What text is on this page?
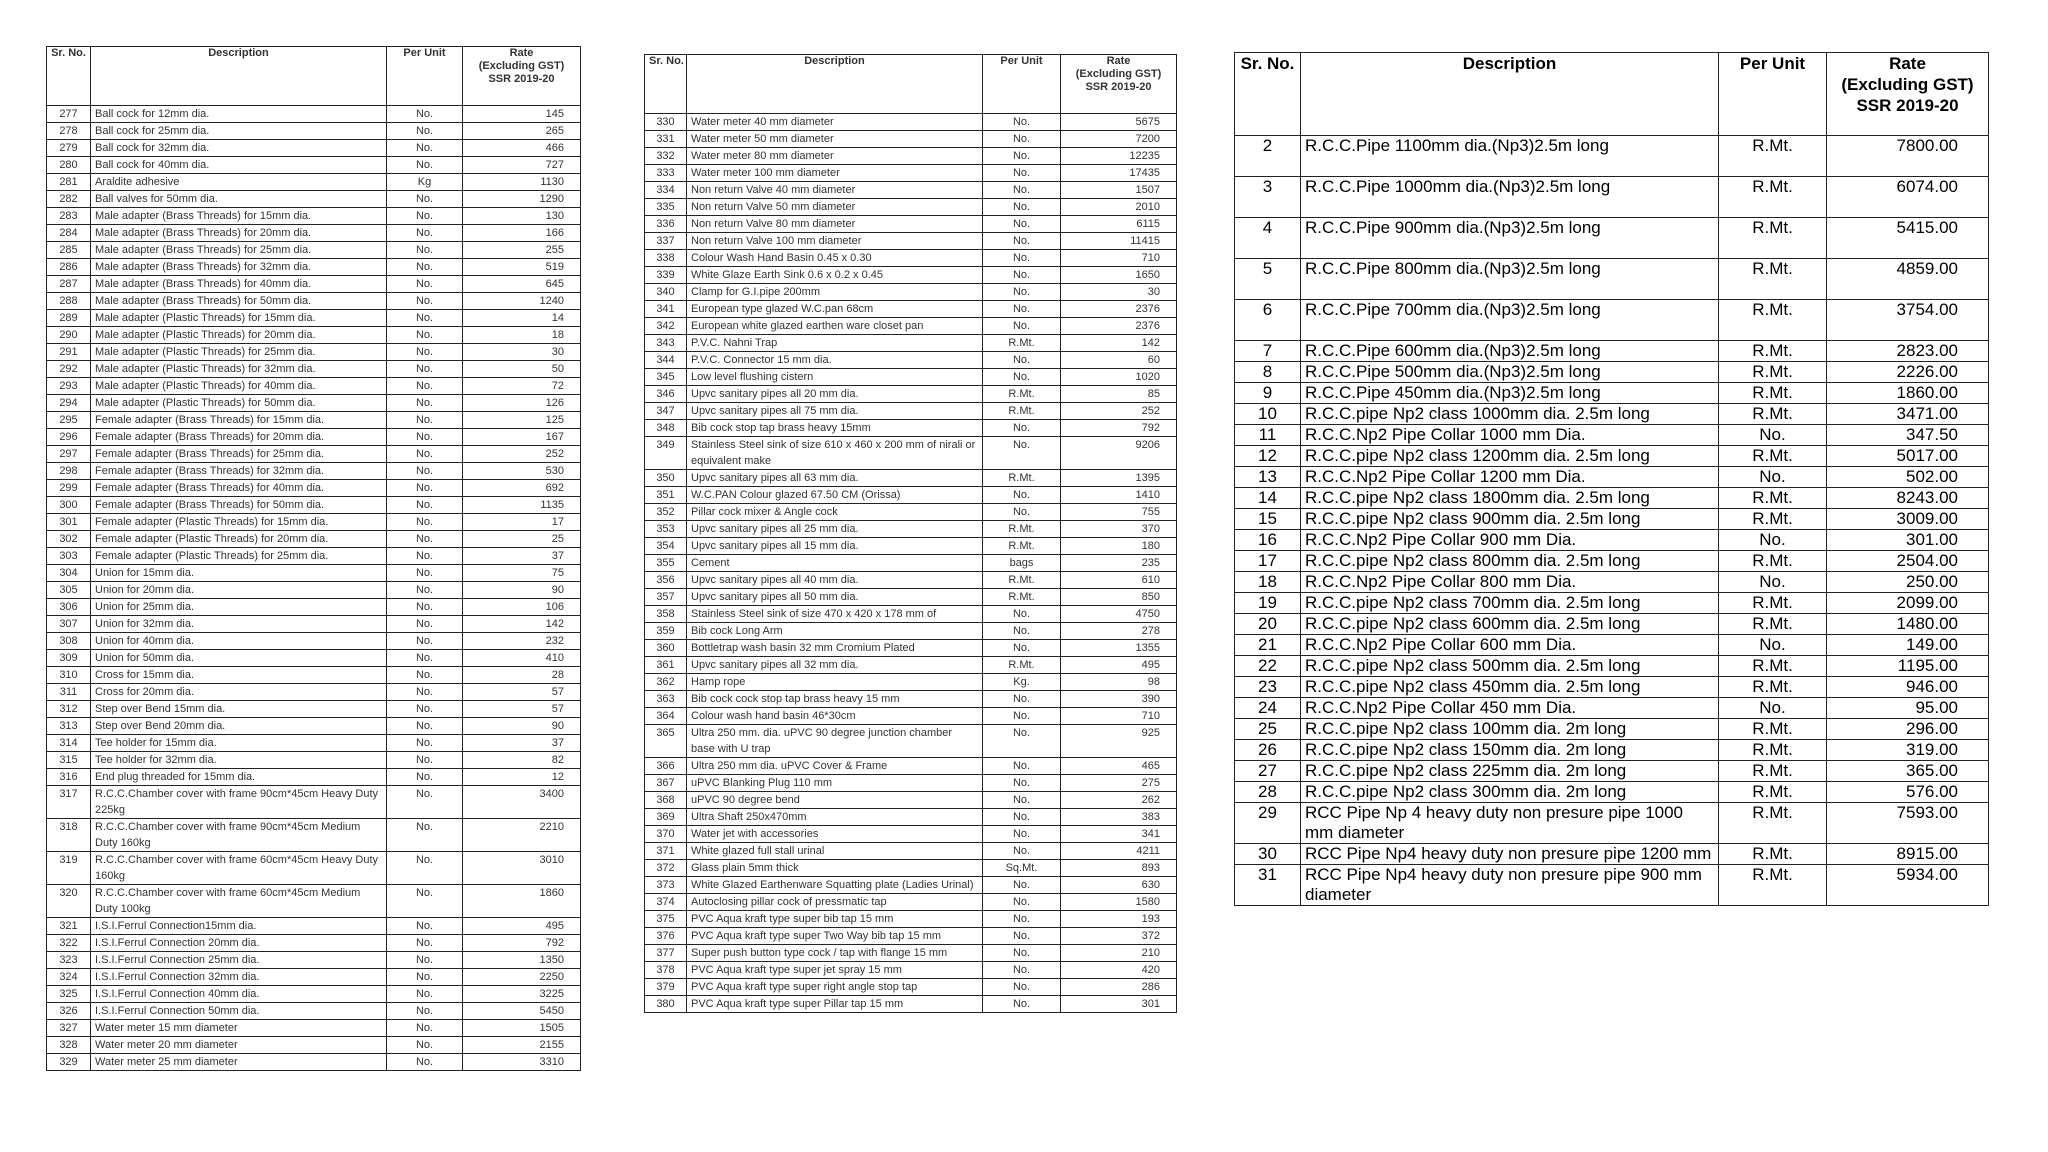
Sr. No.	Description	Per Unit	Rate
(Excluding GST)
SSR 2019-20

277	Ball cock for 12mm dia.	No.	145
278	Ball cock for 25mm dia.	No.	265
279	Ball cock for 32mm dia.	No.	466
280	Ball cock for 40mm dia.	No.	727
281	Araldite adhesive	Kg	1130
282	Ball valves for 50mm dia.	No.	1290
283	Male adapter (Brass Threads) for 15mm dia.	No.	130
284	Male adapter (Brass Threads) for 20mm dia.	No.	166
285	Male adapter (Brass Threads) for 25mm dia.	No.	255
286	Male adapter (Brass Threads) for 32mm dia.	No.	519
287	Male adapter (Brass Threads) for 40mm dia.	No.	645
288	Male adapter (Brass Threads) for 50mm dia.	No.	1240
289	Male adapter (Plastic Threads) for 15mm dia.	No.	14
290	Male adapter (Plastic Threads) for 20mm dia.	No.	18
291	Male adapter (Plastic Threads) for 25mm dia.	No.	30
292	Male adapter (Plastic Threads) for 32mm dia.	No.	50
293	Male adapter (Plastic Threads) for 40mm dia.	No.	72
294	Male adapter (Plastic Threads) for 50mm dia.	No.	126
295	Female adapter (Brass Threads) for 15mm dia.	No.	125
296	Female adapter (Brass Threads) for 20mm dia.	No.	167
297	Female adapter (Brass Threads) for 25mm dia.	No.	252
298	Female adapter (Brass Threads) for 32mm dia.	No.	530
299	Female adapter (Brass Threads) for 40mm dia.	No.	692
300	Female adapter (Brass Threads) for 50mm dia.	No.	1135
301	Female adapter (Plastic Threads) for 15mm dia.	No.	17
302	Female adapter (Plastic Threads) for 20mm dia.	No.	25
303	Female adapter (Plastic Threads) for 25mm dia.	No.	37
304	Union for 15mm dia.	No.	75
305	Union for 20mm dia.	No.	90
306	Union for 25mm dia.	No.	106
307	Union for 32mm dia.	No.	142
308	Union for 40mm dia.	No.	232
309	Union for 50mm dia.	No.	410
310	Cross for 15mm dia.	No.	28
311	Cross for 20mm dia.	No.	57
312	Step over Bend 15mm dia.	No.	57
313	Step over Bend 20mm dia.	No.	90
314	Tee holder for 15mm dia.	No.	37
315	Tee holder for 32mm dia.	No.	82
316	End plug threaded for 15mm dia.	No.	12
317	R.C.C.Chamber cover with frame 90cm*45cm Heavy Duty 225kg	No.	3400
318	R.C.C.Chamber cover with frame 90cm*45cm Medium Duty 160kg	No.	2210
319	R.C.C.Chamber cover with frame 60cm*45cm Heavy Duty 160kg	No.	3010
320	R.C.C.Chamber cover with frame 60cm*45cm Medium Duty 100kg	No.	1860
321	I.S.I.Ferrul Connection15mm dia.	No.	495
322	I.S.I.Ferrul Connection 20mm dia.	No.	792
323	I.S.I.Ferrul Connection 25mm dia.	No.	1350
324	I.S.I.Ferrul Connection 32mm dia.	No.	2250
325	I.S.I.Ferrul Connection 40mm dia.	No.	3225
326	I.S.I.Ferrul Connection 50mm dia.	No.	5450
327	Water meter 15 mm diameter	No.	1505
328	Water meter 20 mm diameter	No.	2155
329	Water meter 25 mm diameter	No.	3310
Sr. No.	Description	Per Unit	Rate
(Excluding GST)
SSR 2019-20

330	Water meter 40 mm diameter	No.	5675
331	Water meter 50 mm diameter	No.	7200
332	Water meter 80 mm diameter	No.	12235
333	Water meter 100 mm diameter	No.	17435
334	Non return Valve 40 mm diameter	No.	1507
335	Non return Valve 50 mm diameter	No.	2010
336	Non return Valve 80 mm diameter	No.	6115
337	Non return Valve 100 mm diameter	No.	11415
338	Colour Wash Hand Basin 0.45 x 0.30	No.	710
339	White Glaze Earth Sink 0.6 x 0.2 x 0.45	No.	1650
340	Clamp for G.I.pipe 200mm	No.	30
341	European type glazed W.C.pan 68cm	No.	2376
342	European white glazed earthen ware closet pan	No.	2376
343	P.V.C. Nahni Trap	R.Mt.	142
344	P.V.C. Connector 15 mm dia.	No.	60
345	Low level flushing cistern	No.	1020
346	Upvc sanitary pipes all 20 mm dia.	R.Mt.	85
347	Upvc sanitary pipes all 75 mm dia.	R.Mt.	252
348	Bib cock stop tap brass heavy 15mm	No.	792
349	Stainless Steel sink of size 610 x 460 x 200 mm of nirali or equivalent make	No.	9206
350	Upvc sanitary pipes all 63 mm dia.	R.Mt.	1395
351	W.C.PAN Colour glazed 67.50 CM (Orissa)	No.	1410
352	Pillar cock mixer & Angle cock	No.	755
353	Upvc sanitary pipes all 25 mm dia.	R.Mt.	370
354	Upvc sanitary pipes all 15 mm dia.	R.Mt.	180
355	Cement	bags	235
356	Upvc sanitary pipes all 40 mm dia.	R.Mt.	610
357	Upvc sanitary pipes all 50 mm dia.	R.Mt.	850
358	Stainless Steel sink of size 470 x 420 x 178 mm of	No.	4750
359	Bib cock Long Arm	No.	278
360	Bottletrap wash basin 32 mm Cromium Plated	No.	1355
361	Upvc sanitary pipes all 32 mm dia.	R.Mt.	495
362	Hamp rope	Kg.	98
363	Bib cock cock stop tap brass heavy 15 mm	No.	390
364	Colour wash hand basin 46*30cm	No.	710
365	Ultra 250 mm. dia. uPVC 90 degree junction chamber base with U trap	No.	925
366	Ultra 250 mm dia. uPVC Cover & Frame	No.	465
367	uPVC Blanking Plug 110 mm	No.	275
368	uPVC 90 degree bend	No.	262
369	Ultra Shaft 250x470mm	No.	383
370	Water jet with accessories	No.	341
371	White glazed full stall urinal	No.	4211
372	Glass plain 5mm thick	Sq.Mt.	893
373	White Glazed Earthenware Squatting plate (Ladies Urinal)	No.	630
374	Autoclosing pillar cock of pressmatic tap	No.	1580
375	PVC Aqua kraft type super bib tap 15 mm	No.	193
376	PVC Aqua kraft type super Two Way bib tap 15 mm	No.	372
377	Super push button type cock / tap with flange 15 mm	No.	210
378	PVC Aqua kraft type super jet spray 15 mm	No.	420
379	PVC Aqua kraft type super right angle stop tap	No.	286
380	PVC Aqua kraft type super Pillar tap 15 mm	No.	301
Sr. No.	Description	Per Unit	Rate
(Excluding GST)
SSR 2019-20

2	R.C.C.Pipe 1100mm dia.(Np3)2.5m long	R.Mt.	7800.00
3	R.C.C.Pipe 1000mm dia.(Np3)2.5m long	R.Mt.	6074.00
4	R.C.C.Pipe 900mm dia.(Np3)2.5m long	R.Mt.	5415.00
5	R.C.C.Pipe 800mm dia.(Np3)2.5m long	R.Mt.	4859.00
6	R.C.C.Pipe 700mm dia.(Np3)2.5m long	R.Mt.	3754.00
7	R.C.C.Pipe 600mm dia.(Np3)2.5m long	R.Mt.	2823.00
8	R.C.C.Pipe 500mm dia.(Np3)2.5m long	R.Mt.	2226.00
9	R.C.C.Pipe 450mm dia.(Np3)2.5m long	R.Mt.	1860.00
10	R.C.C.pipe Np2 class 1000mm dia. 2.5m long	R.Mt.	3471.00
11	R.C.C.Np2 Pipe Collar 1000 mm Dia.	No.	347.50
12	R.C.C.pipe Np2 class 1200mm dia. 2.5m long	R.Mt.	5017.00
13	R.C.C.Np2 Pipe Collar 1200 mm Dia.	No.	502.00
14	R.C.C.pipe Np2 class 1800mm dia. 2.5m long	R.Mt.	8243.00
15	R.C.C.pipe Np2 class 900mm dia. 2.5m long	R.Mt.	3009.00
16	R.C.C.Np2 Pipe Collar 900 mm Dia.	No.	301.00
17	R.C.C.pipe Np2 class 800mm dia. 2.5m long	R.Mt.	2504.00
18	R.C.C.Np2 Pipe Collar 800 mm Dia.	No.	250.00
19	R.C.C.pipe Np2 class 700mm dia. 2.5m long	R.Mt.	2099.00
20	R.C.C.pipe Np2 class 600mm dia. 2.5m long	R.Mt.	1480.00
21	R.C.C.Np2 Pipe Collar 600 mm Dia.	No.	149.00
22	R.C.C.pipe Np2 class 500mm dia. 2.5m long	R.Mt.	1195.00
23	R.C.C.pipe Np2 class 450mm dia. 2.5m long	R.Mt.	946.00
24	R.C.C.Np2 Pipe Collar 450 mm Dia.	No.	95.00
25	R.C.C.pipe Np2 class 100mm dia. 2m long	R.Mt.	296.00
26	R.C.C.pipe Np2 class 150mm dia. 2m long	R.Mt.	319.00
27	R.C.C.pipe Np2 class 225mm dia. 2m long	R.Mt.	365.00
28	R.C.C.pipe Np2 class 300mm dia. 2m long	R.Mt.	576.00
29	RCC Pipe Np 4 heavy duty non presure pipe 1000 mm diameter	R.Mt.	7593.00
30	RCC Pipe Np4 heavy duty non presure pipe 1200 mm	R.Mt.	8915.00
31	RCC Pipe Np4 heavy duty non presure pipe 900 mm diameter	R.Mt.	5934.00
